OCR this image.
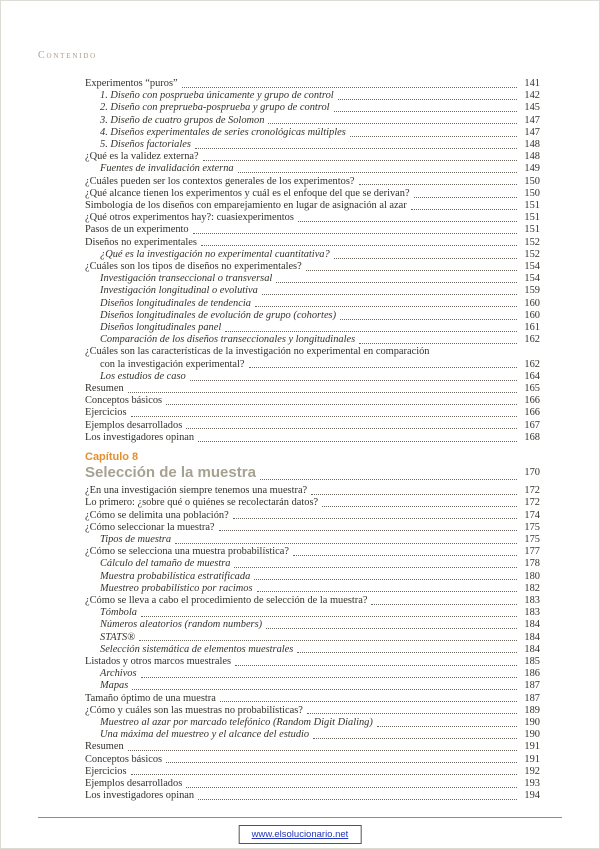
Contenido
Experimentos “puros”	141
1. Diseño con posprueba únicamente y grupo de control	142
2. Diseño con preprueba-posprueba y grupo de control	145
3. Diseño de cuatro grupos de Solomon	147
4. Diseños experimentales de series cronológicas múltiples	147
5. Diseños factoriales	148
¿Qué es la validez externa?	148
Fuentes de invalidación externa	149
¿Cuáles pueden ser los contextos generales de los experimentos?	150
¿Qué alcance tienen los experimentos y cuál es el enfoque del que se derivan?	150
Simbología de los diseños con emparejamiento en lugar de asignación al azar	151
¿Qué otros experimentos hay?: cuasiexperimentos	151
Pasos de un experimento	151
Diseños no experimentales	152
¿Qué es la investigación no experimental cuantitativa?	152
¿Cuáles son los tipos de diseños no experimentales?	154
Investigación transeccional o transversal	154
Investigación longitudinal o evolutiva	159
Diseños longitudinales de tendencia	160
Diseños longitudinales de evolución de grupo (cohortes)	160
Diseños longitudinales panel	161
Comparación de los diseños transeccionales y longitudinales	162
¿Cuáles son las características de la investigación no experimental en comparación
con la investigación experimental?	162
Los estudios de caso	164
Resumen	165
Conceptos básicos	166
Ejercicios	166
Ejemplos desarrollados	167
Los investigadores opinan	168
Capítulo 8
Selección de la muestra	170
¿En una investigación siempre tenemos una muestra?	172
Lo primero: ¿sobre qué o quiénes se recolectarán datos?	172
¿Cómo se delimita una población?	174
¿Cómo seleccionar la muestra?	175
Tipos de muestra	175
¿Cómo se selecciona una muestra probabilística?	177
Cálculo del tamaño de muestra	178
Muestra probabilística estratificada	180
Muestreo probabilístico por racimos	182
¿Cómo se lleva a cabo el procedimiento de selección de la muestra?	183
Tómbola	183
Números aleatorios (random numbers)	184
STATS®	184
Selección sistemática de elementos muestrales	184
Listados y otros marcos muestrales	185
Archivos	186
Mapas	187
Tamaño óptimo de una muestra	187
¿Cómo y cuáles son las muestras no probabilísticas?	189
Muestreo al azar por marcado telefónico (Random Digit Dialing)	190
Una máxima del muestreo y el alcance del estudio	190
Resumen	191
Conceptos básicos	191
Ejercicios	192
Ejemplos desarrollados	193
Los investigadores opinan	194
www.elsolucionario.net
